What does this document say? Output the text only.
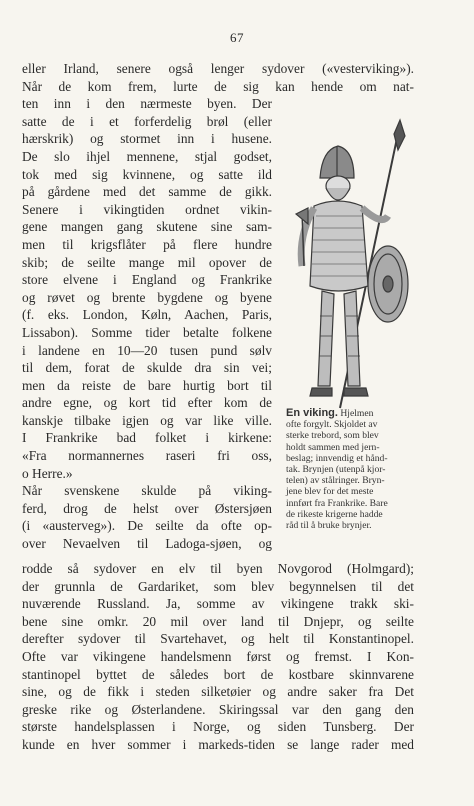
67
eller Irland, senere også lenger sydover («vesterviking»).
Når de kom frem, lurte de sig kan hende om nat-
ten inn i den nærmeste byen. Der
satte de i et forferdelig brøl (eller
hærskrik) og stormet inn i husene.
De slo ihjel mennene, stjal godset,
tok med sig kvinnene, og satte ild
på gårdene med det samme de gikk.
Senere i vikingtiden ordnet vikin-
gene mangen gang skutene sine sam-
men til krigsflåter på flere hundre
skib; de seilte mange mil opover de
store elvene i England og Frankrike
og røvet og brente bygdene og byene
(f. eks. London, Køln, Aachen, Paris,
Lissabon). Somme tider betalte folkene
i landene en 10—20 tusen pund sølv
til dem, forat de skulde dra sin vei;
men da reiste de bare hurtig bort til
andre egne, og kort tid efter kom de
kanskje tilbake igjen og var like ville.
I Frankrike bad folket i kirkene:
«Fra normannernes raseri fri oss,
o Herre.»
Når svenskene skulde på viking-
ferd, drog de helst over Østersjøen
(i «austerveg»). De seilte da ofte op-
over Nevaelven til Ladoga-sjøen, og
En viking. Hjelmen
ofte forgylt. Skjoldet av
sterke trebord, som blev
holdt sammen med jern-
beslag; innvendig et hånd-
tak. Brynjen (utenpå kjor-
telen) av stålringer. Bryn-
jene blev for det meste
innført fra Frankrike. Bare
de rikeste krigerne hadde
råd til å bruke brynjer.
rodde så sydover en elv til byen Novgorod (Holmgard);
der grunnla de Gardariket, som blev begynnelsen til det
nuværende Russland. Ja, somme av vikingene trakk ski-
bene sine omkr. 20 mil over land til Dnjepr, og seilte
derefter sydover til Svartehavet, og helt til Konstantinopel.
Ofte var vikingene handelsmenn først og fremst. I Kon-
stantinopel byttet de således bort de kostbare skinnvarene
sine, og de fikk i steden silketøier og andre saker fra Det
greske rike og Østerlandene. Skiringssal var den gang den
største handelsplassen i Norge, og siden Tunsberg. Der
kunde en hver sommer i markeds-tiden se lange rader med
